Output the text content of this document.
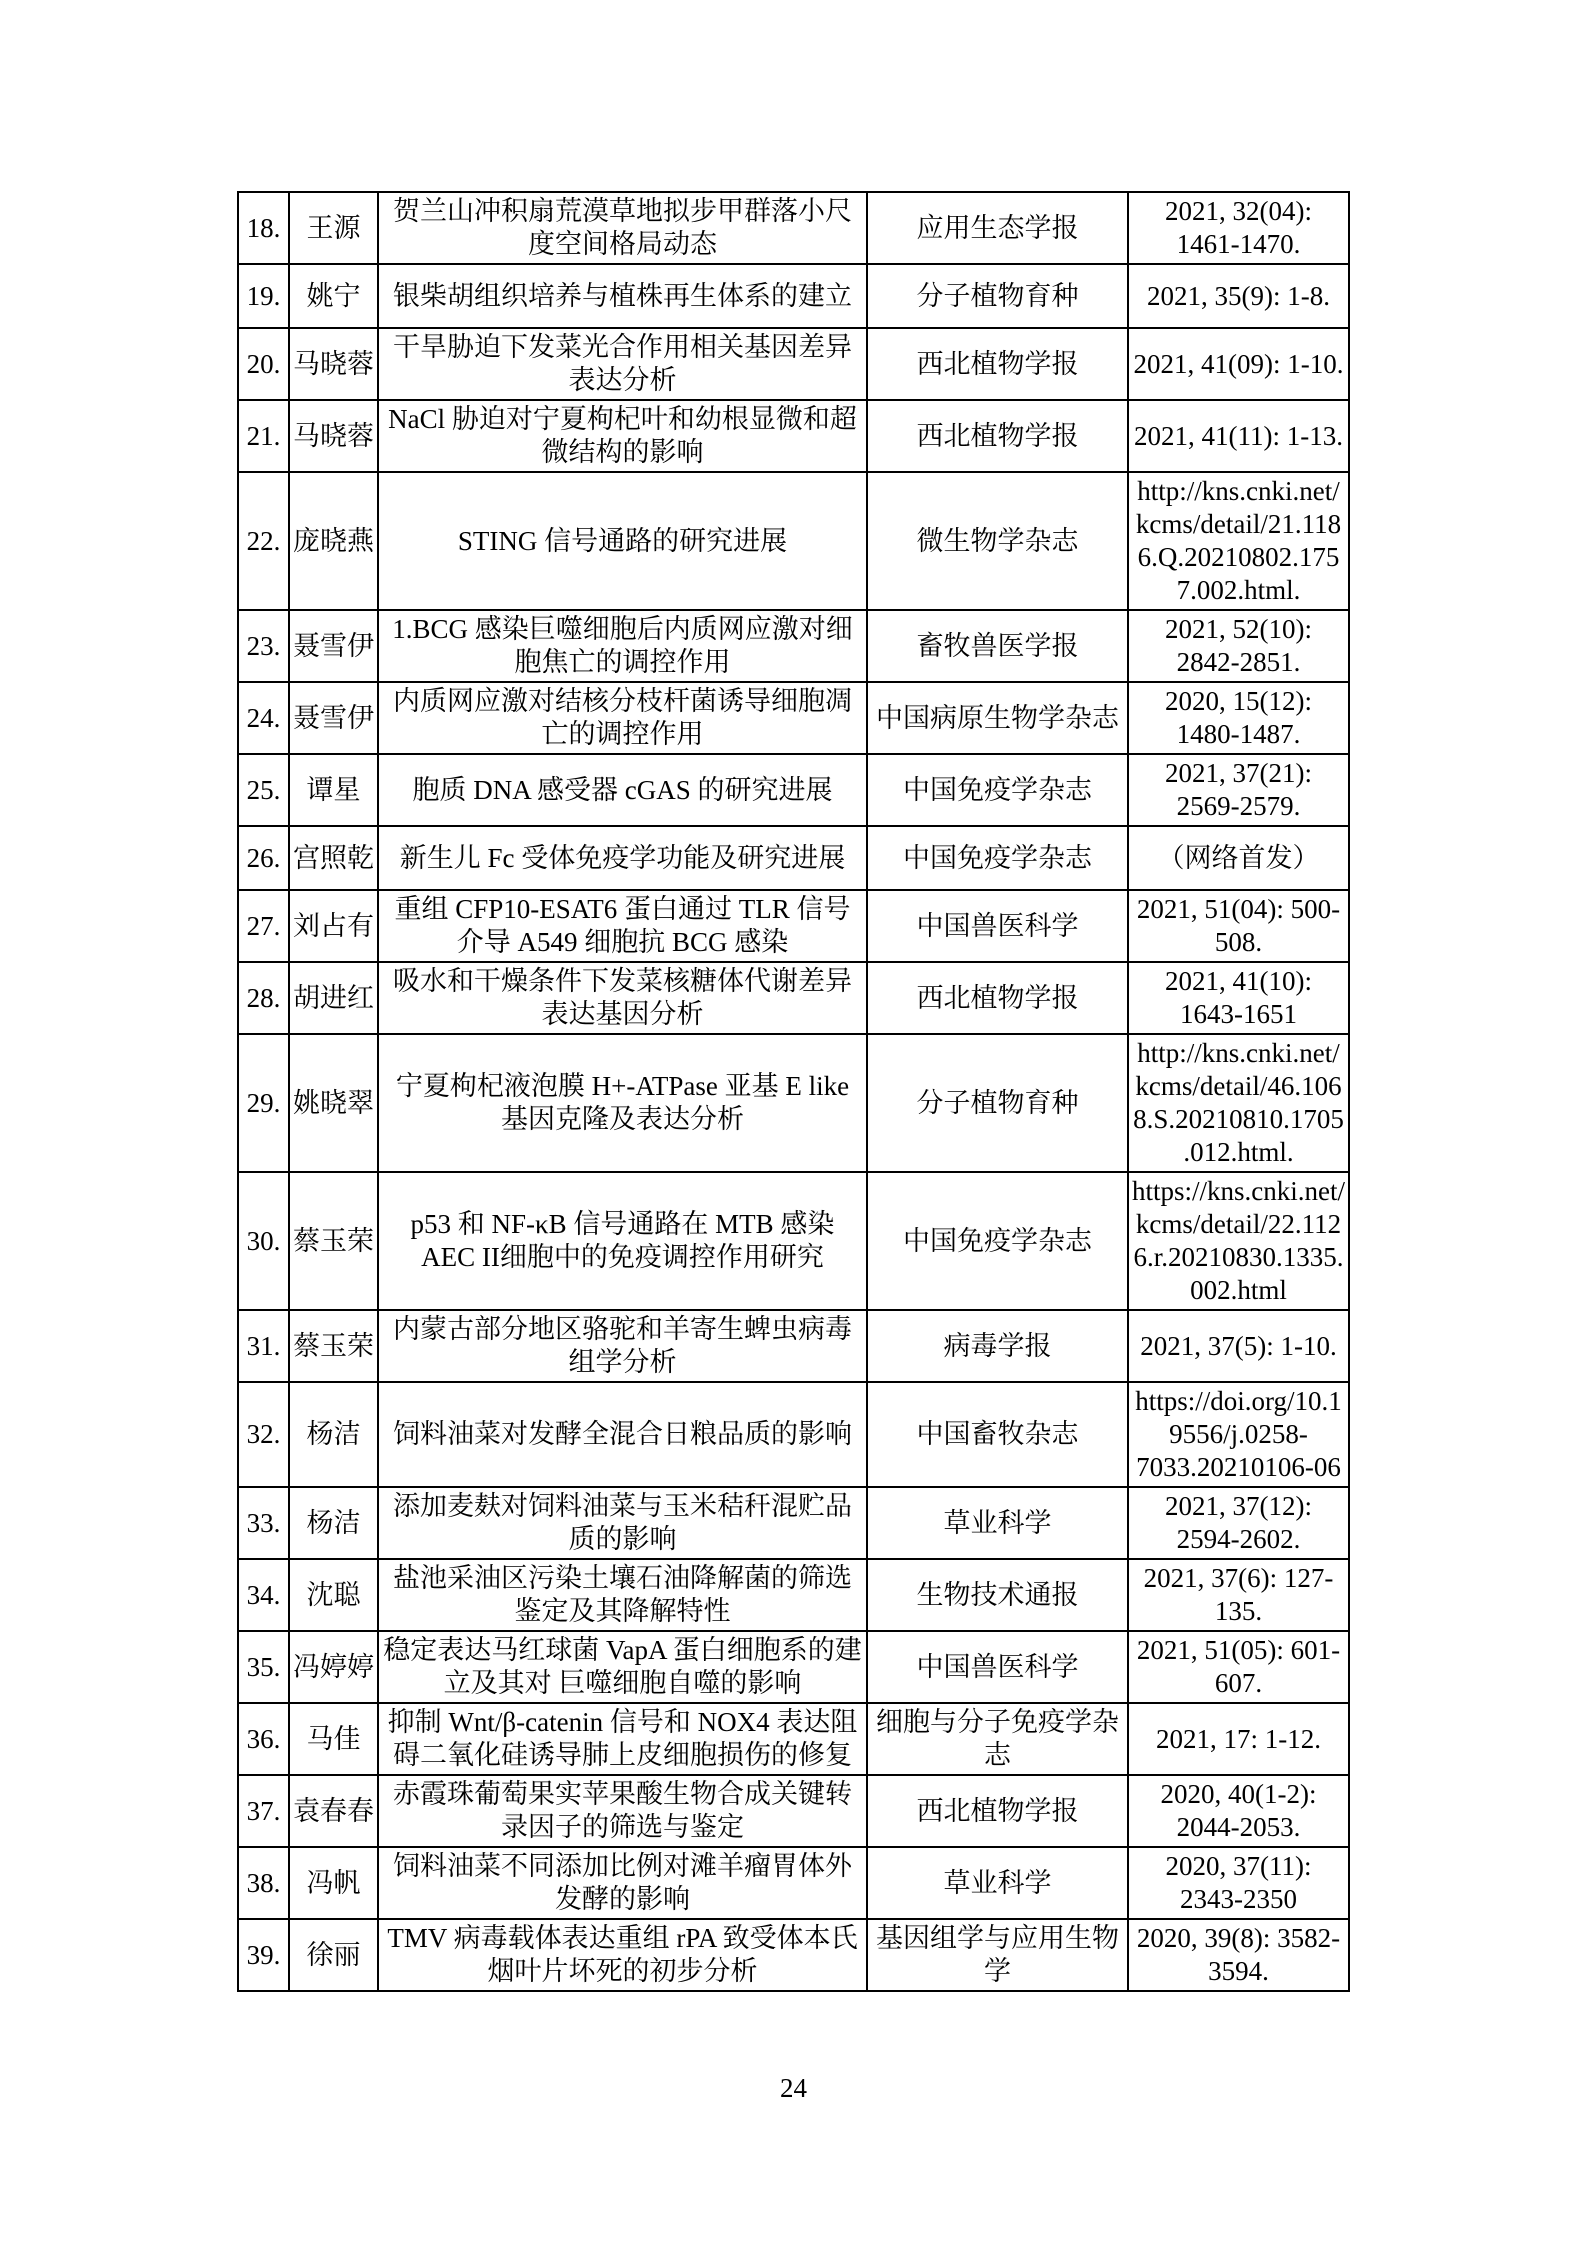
18.	王源	贺兰山冲积扇荒漠草地拟步甲群落小尺度空间格局动态	应用生态学报	2021, 32(04): 1461-1470.
19.	姚宁	银柴胡组织培养与植株再生体系的建立	分子植物育种	2021, 35(9): 1-8.
20.	马晓蓉	干旱胁迫下发菜光合作用相关基因差异表达分析	西北植物学报	2021, 41(09): 1-10.
21.	马晓蓉	NaCl 胁迫对宁夏枸杞叶和幼根显微和超微结构的影响	西北植物学报	2021, 41(11): 1-13.
22.	庞晓燕	STING 信号通路的研究进展	微生物学杂志	http://kns.cnki.net/kcms/detail/21.1186.Q.20210802.1757.002.html.
23.	聂雪伊	1.BCG 感染巨噬细胞后内质网应激对细胞焦亡的调控作用	畜牧兽医学报	2021, 52(10): 2842-2851.
24.	聂雪伊	内质网应激对结核分枝杆菌诱导细胞凋亡的调控作用	中国病原生物学杂志	2020, 15(12): 1480-1487.
25.	谭星	胞质 DNA 感受器 cGAS 的研究进展	中国免疫学杂志	2021, 37(21): 2569-2579.
26.	宫照乾	新生儿 Fc 受体免疫学功能及研究进展	中国免疫学杂志	（网络首发）
27.	刘占有	重组 CFP10-ESAT6 蛋白通过 TLR 信号介导 A549 细胞抗 BCG 感染	中国兽医科学	2021, 51(04): 500-508.
28.	胡进红	吸水和干燥条件下发菜核糖体代谢差异表达基因分析	西北植物学报	2021, 41(10): 1643-1651
29.	姚晓翠	宁夏枸杞液泡膜 H+-ATPase 亚基 E like 基因克隆及表达分析	分子植物育种	http://kns.cnki.net/kcms/detail/46.1068.S.20210810.1705.012.html.
30.	蔡玉荣	p53 和 NF-κB 信号通路在 MTB 感染 AEC II细胞中的免疫调控作用研究	中国免疫学杂志	https://kns.cnki.net/kcms/detail/22.1126.r.20210830.1335.002.html
31.	蔡玉荣	内蒙古部分地区骆驼和羊寄生蜱虫病毒组学分析	病毒学报	2021, 37(5): 1-10.
32.	杨洁	饲料油菜对发酵全混合日粮品质的影响	中国畜牧杂志	https://doi.org/10.19556/j.0258-7033.20210106-06
33.	杨洁	添加麦麸对饲料油菜与玉米秸秆混贮品质的影响	草业科学	2021, 37(12): 2594-2602.
34.	沈聪	盐池采油区污染土壤石油降解菌的筛选鉴定及其降解特性	生物技术通报	2021, 37(6): 127-135.
35.	冯婷婷	稳定表达马红球菌 VapA 蛋白细胞系的建立及其对 巨噬细胞自噬的影响	中国兽医科学	2021, 51(05): 601- 607.
36.	马佳	抑制 Wnt/β-catenin 信号和 NOX4 表达阻碍二氧化硅诱导肺上皮细胞损伤的修复	细胞与分子免疫学杂志	2021, 17: 1-12.
37.	袁春春	赤霞珠葡萄果实苹果酸生物合成关键转录因子的筛选与鉴定	西北植物学报	2020, 40(1-2): 2044-2053.
38.	冯帆	饲料油菜不同添加比例对滩羊瘤胃体外发酵的影响	草业科学	2020, 37(11): 2343-2350
39.	徐丽	TMV 病毒载体表达重组 rPA 致受体本氏烟叶片坏死的初步分析	基因组学与应用生物学	2020, 39(8): 3582-3594.
24
